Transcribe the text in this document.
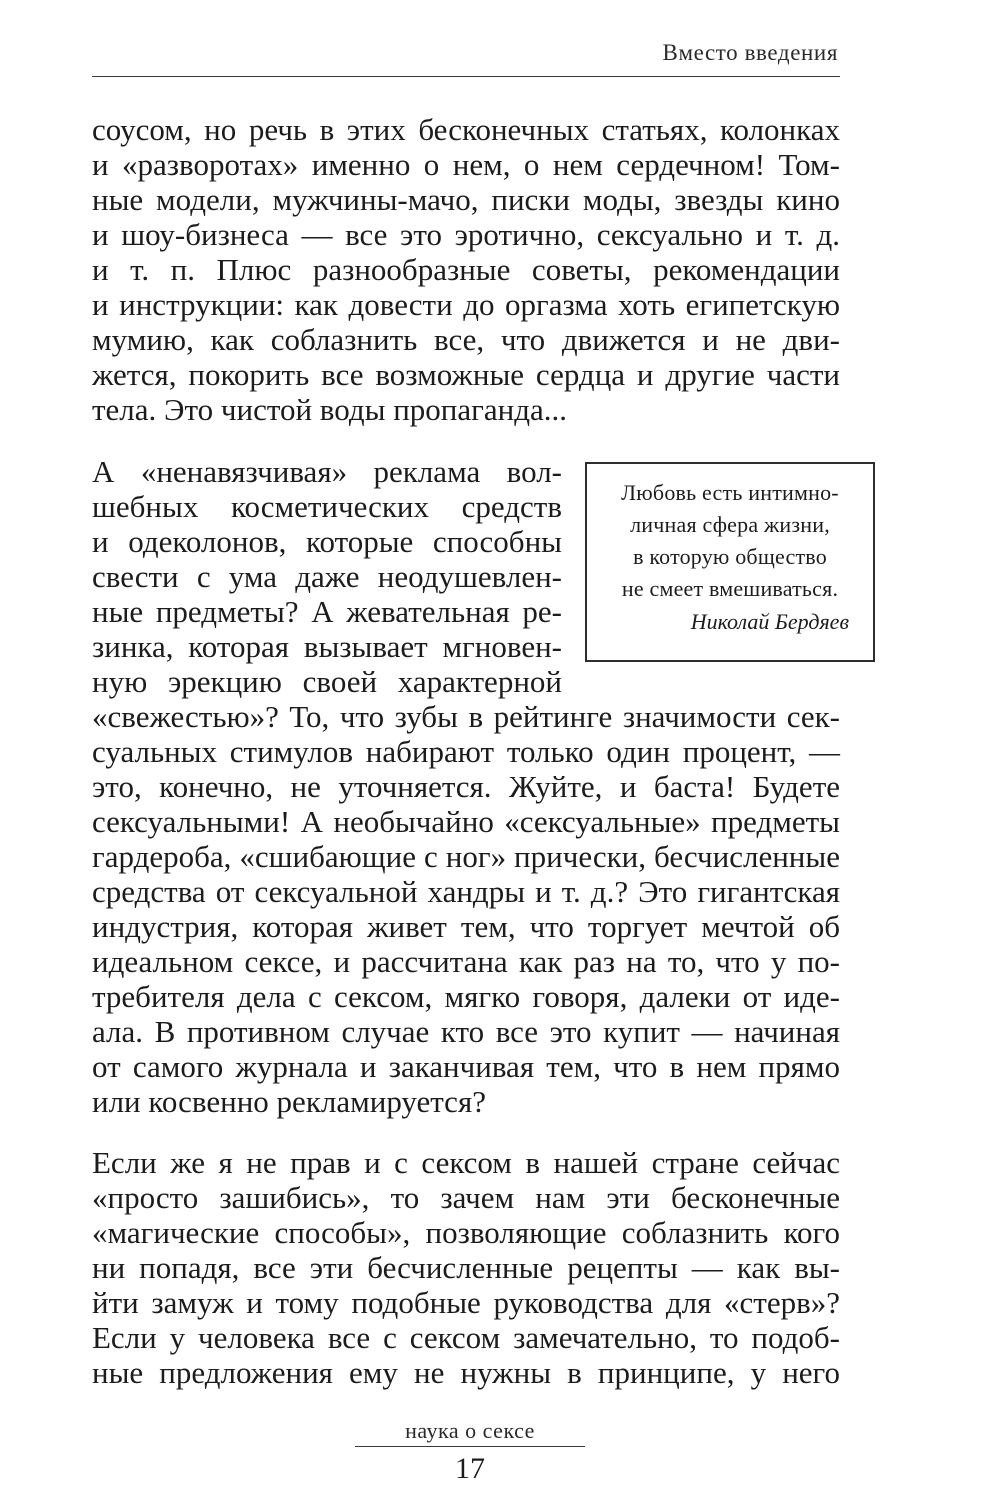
Вместо введения
соусом, но речь в этих бесконечных статьях, колонках
и «разворотах» именно о нем, о нем сердечном! Том-
ные модели, мужчины-мачо, писки моды, звезды кино
и шоу-бизнеса — все это эротично, сексуально и т. д.
и т. п. Плюс разнообразные советы, рекомендации
и инструкции: как довести до оргазма хоть египетскую
мумию, как соблазнить все, что движется и не дви-
жется, покорить все возможные сердца и другие части
тела. Это чистой воды пропаганда...
А «ненавязчивая» реклама вол-
шебных косметических средств
и одеколонов, которые способны
свести с ума даже неодушевлен-
ные предметы? А жевательная ре-
зинка, которая вызывает мгновен-
ную эрекцию своей характерной
«свежестью»? То, что зубы в рейтинге значимости сек-
суальных стимулов набирают только один процент, —
это, конечно, не уточняется. Жуйте, и баста! Будете
сексуальными! А необычайно «сексуальные» предметы
гардероба, «сшибающие с ног» прически, бесчисленные
средства от сексуальной хандры и т. д.? Это гигантская
индустрия, которая живет тем, что торгует мечтой об
идеальном сексе, и рассчитана как раз на то, что у по-
требителя дела с сексом, мягко говоря, далеки от иде-
ала. В противном случае кто все это купит — начиная
от самого журнала и заканчивая тем, что в нем прямо
или косвенно рекламируется?
Если же я не прав и с сексом в нашей стране сейчас
«просто зашибись», то зачем нам эти бесконечные
«магические способы», позволяющие соблазнить кого
ни попадя, все эти бесчисленные рецепты — как вы-
йти замуж и тому подобные руководства для «стерв»?
Если у человека все с сексом замечательно, то подоб-
ные предложения ему не нужны в принципе, у него
Любовь есть интимно-
личная сфера жизни,
в которую общество
не смеет вмешиваться.
Николай Бердяев
наука о сексе
17
